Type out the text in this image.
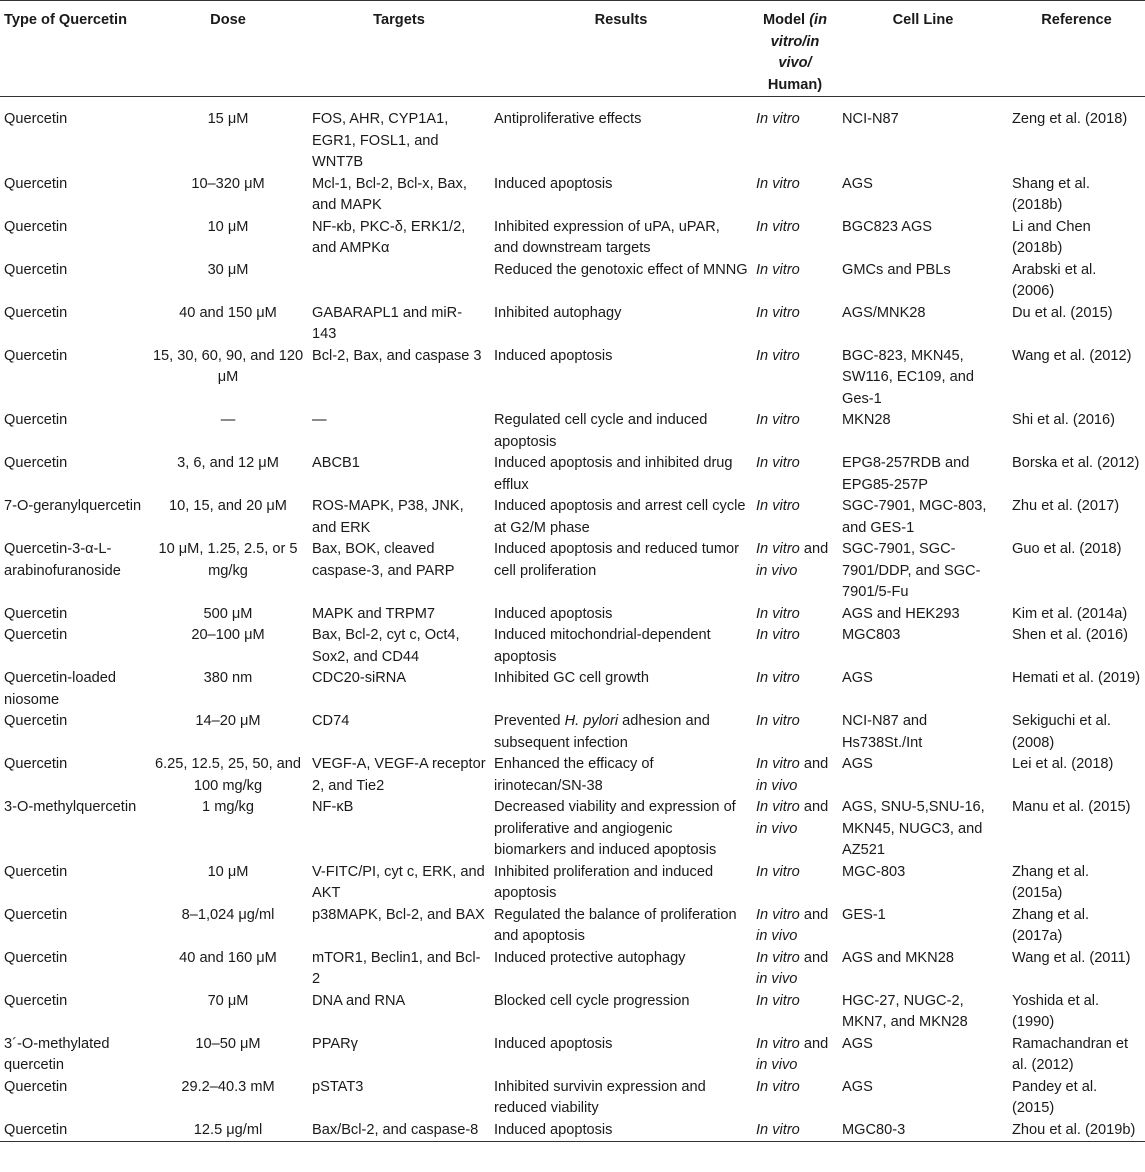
Type of Quercetin	Dose	Targets	Results	Model (in vitro/in vivo/ Human)	Cell Line	Reference
Quercetin	15 μM	FOS, AHR, CYP1A1, EGR1, FOSL1, and WNT7B	Antiproliferative effects	In vitro	NCI-N87	Zeng et al. (2018)
Quercetin	10–320 μM	Mcl-1, Bcl-2, Bcl-x, Bax, and MAPK	Induced apoptosis	In vitro	AGS	Shang et al. (2018b)
Quercetin	10 μM	NF-κb, PKC-δ, ERK1/2, and AMPKα	Inhibited expression of uPA, uPAR, and downstream targets	In vitro	BGC823 AGS	Li and Chen (2018b)
Quercetin	30 μM		Reduced the genotoxic effect of MNNG	In vitro	GMCs and PBLs	Arabski et al. (2006)
Quercetin	40 and 150 μM	GABARAPL1 and miR-143	Inhibited autophagy	In vitro	AGS/MNK28	Du et al. (2015)
Quercetin	15, 30, 60, 90, and 120 μM	Bcl-2, Bax, and caspase 3	Induced apoptosis	In vitro	BGC-823, MKN45, SW116, EC109, and Ges-1	Wang et al. (2012)
Quercetin	—	—	Regulated cell cycle and induced apoptosis	In vitro	MKN28	Shi et al. (2016)
Quercetin	3, 6, and 12 μM	ABCB1	Induced apoptosis and inhibited drug efflux	In vitro	EPG8-257RDB and EPG85-257P	Borska et al. (2012)
7-O-geranylquercetin	10, 15, and 20 μM	ROS-MAPK, P38, JNK, and ERK	Induced apoptosis and arrest cell cycle at G2/M phase	In vitro	SGC-7901, MGC-803, and GES-1	Zhu et al. (2017)
Quercetin-3-α-L-arabinofuranoside	10 μM, 1.25, 2.5, or 5 mg/kg	Bax, BOK, cleaved caspase-3, and PARP	Induced apoptosis and reduced tumor cell proliferation	In vitro and in vivo	SGC-7901, SGC-7901/DDP, and SGC-7901/5-Fu	Guo et al. (2018)
Quercetin	500 μM	MAPK and TRPM7	Induced apoptosis	In vitro	AGS and HEK293	Kim et al. (2014a)
Quercetin	20–100 μM	Bax, Bcl-2, cyt c, Oct4, Sox2, and CD44	Induced mitochondrial-dependent apoptosis	In vitro	MGC803	Shen et al. (2016)
Quercetin-loaded niosome	380 nm	CDC20-siRNA	Inhibited GC cell growth	In vitro	AGS	Hemati et al. (2019)
Quercetin	14–20 μM	CD74	Prevented H. pylori adhesion and subsequent infection	In vitro	NCI-N87 and Hs738St./Int	Sekiguchi et al. (2008)
Quercetin	6.25, 12.5, 25, 50, and 100 mg/kg	VEGF-A, VEGF-A receptor 2, and Tie2	Enhanced the efficacy of irinotecan/SN-38	In vitro and in vivo	AGS	Lei et al. (2018)
3-O-methylquercetin	1 mg/kg	NF-κB	Decreased viability and expression of proliferative and angiogenic biomarkers and induced apoptosis	In vitro and in vivo	AGS, SNU-5,SNU-16, MKN45, NUGC3, and AZ521	Manu et al. (2015)
Quercetin	10 μM	V-FITC/PI, cyt c, ERK, and AKT	Inhibited proliferation and induced apoptosis	In vitro	MGC-803	Zhang et al. (2015a)
Quercetin	8–1,024 μg/ml	p38MAPK, Bcl-2, and BAX	Regulated the balance of proliferation and apoptosis	In vitro and in vivo	GES-1	Zhang et al. (2017a)
Quercetin	40 and 160 μM	mTOR1, Beclin1, and Bcl-2	Induced protective autophagy	In vitro and in vivo	AGS and MKN28	Wang et al. (2011)
Quercetin	70 μM	DNA and RNA	Blocked cell cycle progression	In vitro	HGC-27, NUGC-2, MKN7, and MKN28	Yoshida et al. (1990)
3´-O-methylated quercetin	10–50 μM	PPARγ	Induced apoptosis	In vitro and in vivo	AGS	Ramachandran et al. (2012)
Quercetin	29.2–40.3 mM	pSTAT3	Inhibited survivin expression and reduced viability	In vitro	AGS	Pandey et al. (2015)
Quercetin	12.5 μg/ml	Bax/Bcl-2, and caspase-8	Induced apoptosis	In vitro	MGC80-3	Zhou et al. (2019b)
